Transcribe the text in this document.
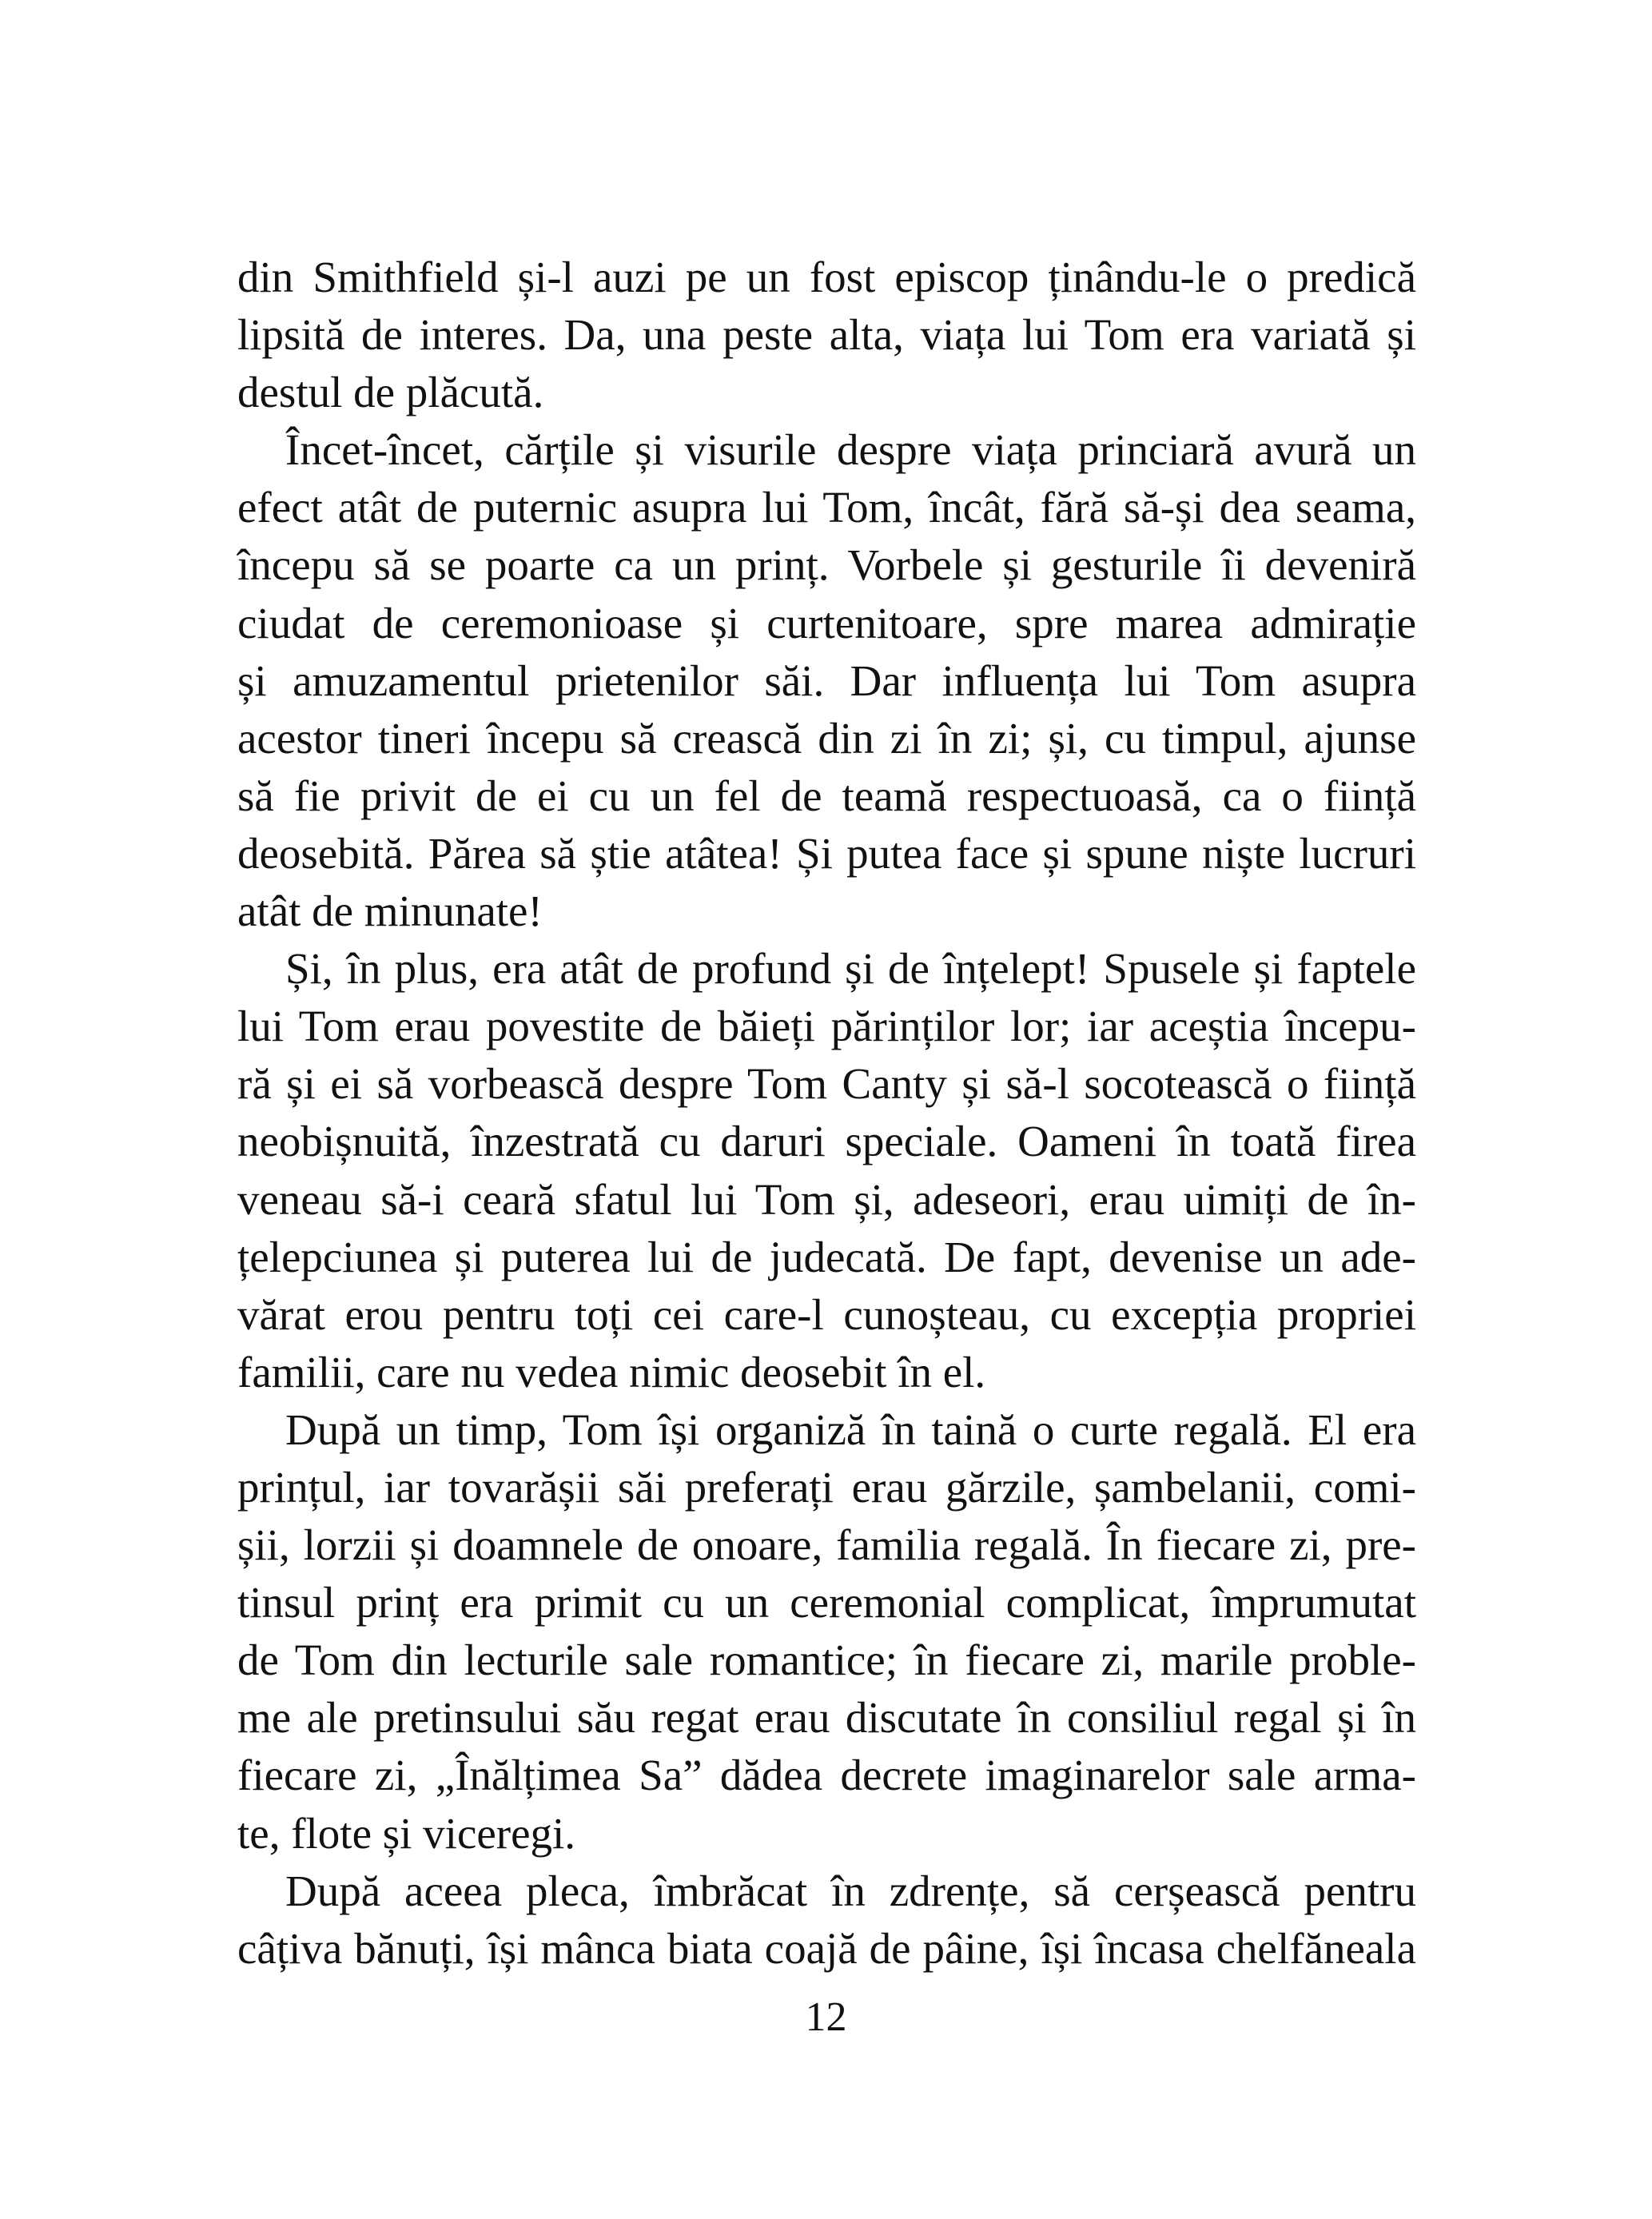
din Smithfield și-l auzi pe un fost episcop ținându-le o predică
lipsită de interes. Da, una peste alta, viața lui Tom era variată și
destul de plăcută.
Încet-încet, cărțile și visurile despre viața princiară avură un
efect atât de puternic asupra lui Tom, încât, fără să-și dea seama,
începu să se poarte ca un prinț. Vorbele și gesturile îi deveniră
ciudat de ceremonioase și curtenitoare, spre marea admirație
și amuzamentul prietenilor săi. Dar influența lui Tom asupra
acestor tineri începu să crească din zi în zi; și, cu timpul, ajunse
să fie privit de ei cu un fel de teamă respectuoasă, ca o ființă
deosebită. Părea să știe atâtea! Și putea face și spune niște lucruri
atât de minunate!
Și, în plus, era atât de profund și de înțelept! Spusele și faptele
lui Tom erau povestite de băieți părinților lor; iar aceștia începu-
ră și ei să vorbească despre Tom Canty și să-l socotească o ființă
neobișnuită, înzestrată cu daruri speciale. Oameni în toată firea
veneau să-i ceară sfatul lui Tom și, adeseori, erau uimiți de în-
țelepciunea și puterea lui de judecată. De fapt, devenise un ade-
vărat erou pentru toți cei care-l cunoșteau, cu excepția propriei
familii, care nu vedea nimic deosebit în el.
După un timp, Tom își organiză în taină o curte regală. El era
prințul, iar tovarășii săi preferați erau gărzile, șambelanii, comi-
șii, lorzii și doamnele de onoare, familia regală. În fiecare zi, pre-
tinsul prinț era primit cu un ceremonial complicat, împrumutat
de Tom din lecturile sale romantice; în fiecare zi, marile proble-
me ale pretinsului său regat erau discutate în consiliul regal și în
fiecare zi, „Înălțimea Sa” dădea decrete imaginarelor sale arma-
te, flote și viceregi.
După aceea pleca, îmbrăcat în zdrențe, să cerșească pentru
câțiva bănuți, își mânca biata coajă de pâine, își încasa chelfăneala
12
